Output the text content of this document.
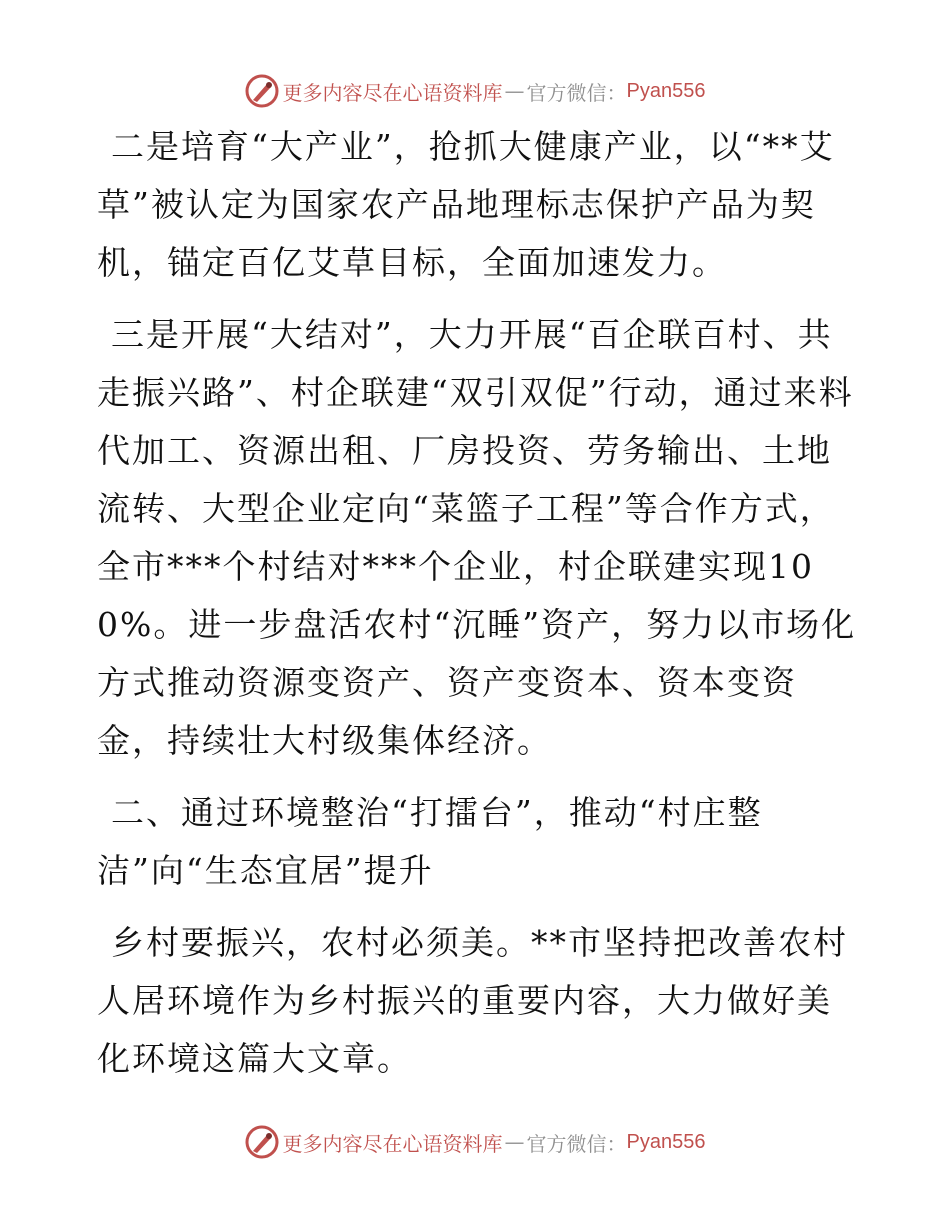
更多内容尽在心语资料库 — 官方微信： Pyan556

二是培育“大产业”，抢抓大健康产业，以“**艾草”被认定为国家农产品地理标志保护产品为契机，锚定百亿艾草目标，全面加速发力。

三是开展“大结对”，大力开展“百企联百村、共走振兴路”、村企联建“双引双促”行动，通过来料代加工、资源出租、厂房投资、劳务输出、土地流转、大型企业定向“菜篮子工程”等合作方式，全市***个村结对***个企业，村企联建实现100%。进一步盘活农村“沉睡”资产，努力以市场化方式推动资源变资产、资产变资本、资本变资金，持续壮大村级集体经济。

二、通过环境整治“打擂台”，推动“村庄整洁”向“生态宜居”提升

乡村要振兴，农村必须美。**市坚持把改善农村人居环境作为乡村振兴的重要内容，大力做好美化环境这篇大文章。

更多内容尽在心语资料库 — 官方微信： Pyan556
